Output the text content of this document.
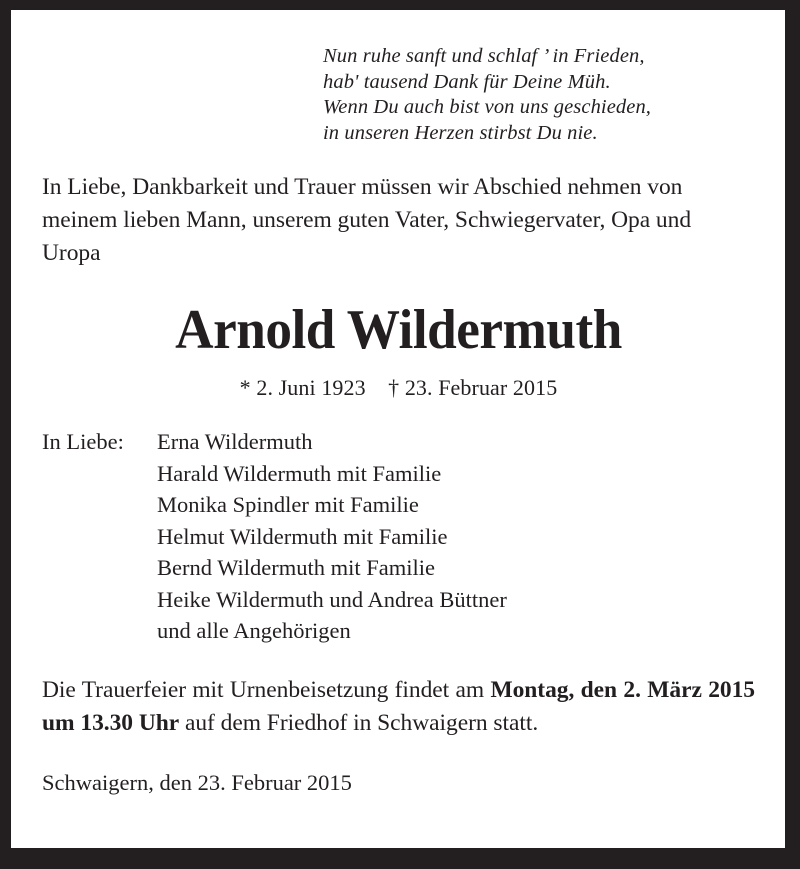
Nun ruhe sanft und schlaf ’ in Frieden,
hab' tausend Dank für Deine Müh.
Wenn Du auch bist von uns geschieden,
in unseren Herzen stirbst Du nie.
In Liebe, Dankbarkeit und Trauer müssen wir Abschied nehmen von meinem lieben Mann, unserem guten Vater, Schwiegervater, Opa und Uropa
Arnold Wildermuth
* 2. Juni 1923    † 23. Februar 2015
In Liebe:	Erna Wildermuth
Harald Wildermuth mit Familie
Monika Spindler mit Familie
Helmut Wildermuth mit Familie
Bernd Wildermuth mit Familie
Heike Wildermuth und Andrea Büttner
und alle Angehörigen
Die Trauerfeier mit Urnenbeisetzung findet am Montag, den 2. März 2015 um 13.30 Uhr auf dem Friedhof in Schwaigern statt.
Schwaigern, den 23. Februar 2015
